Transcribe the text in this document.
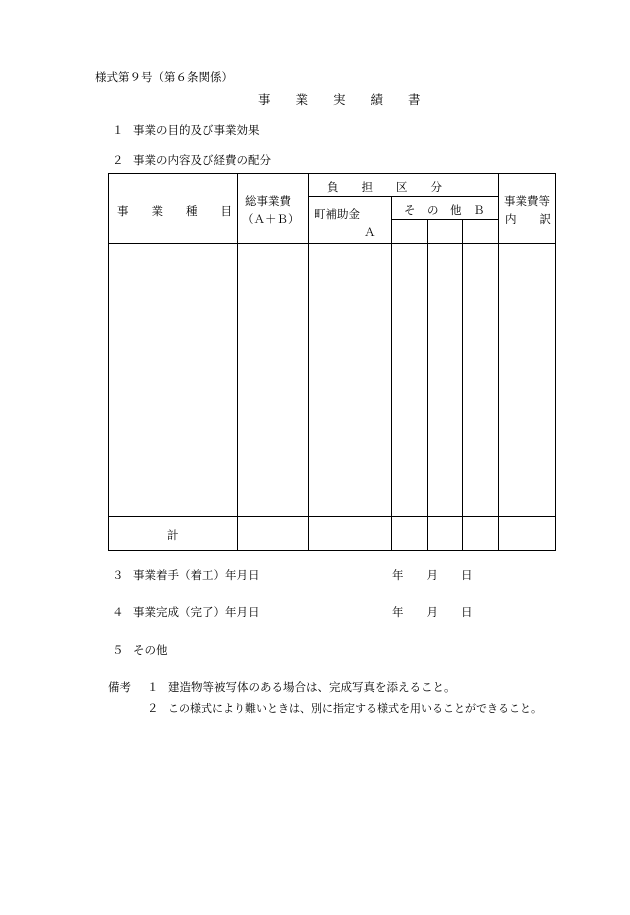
様式第９号（第６条関係）
事　　業　　実　　績　　書
１ 事業の目的及び事業効果
２ 事業の内容及び経費の配分
事　　業　　種　　目
総事業費
（Ａ＋Ｂ）
負　　担　　区　　分
町補助金
Ａ
そ　の　他　Ｂ
事業費等
内　　訳
計
３ 事業着手（着工）年月日	年　　月　　日
４ 事業完成（完了）年月日	年　　月　　日
５ その他
備考 １ 建造物等被写体のある場合は、完成写真を添えること。
２ この様式により難いときは、別に指定する様式を用いることができること。
